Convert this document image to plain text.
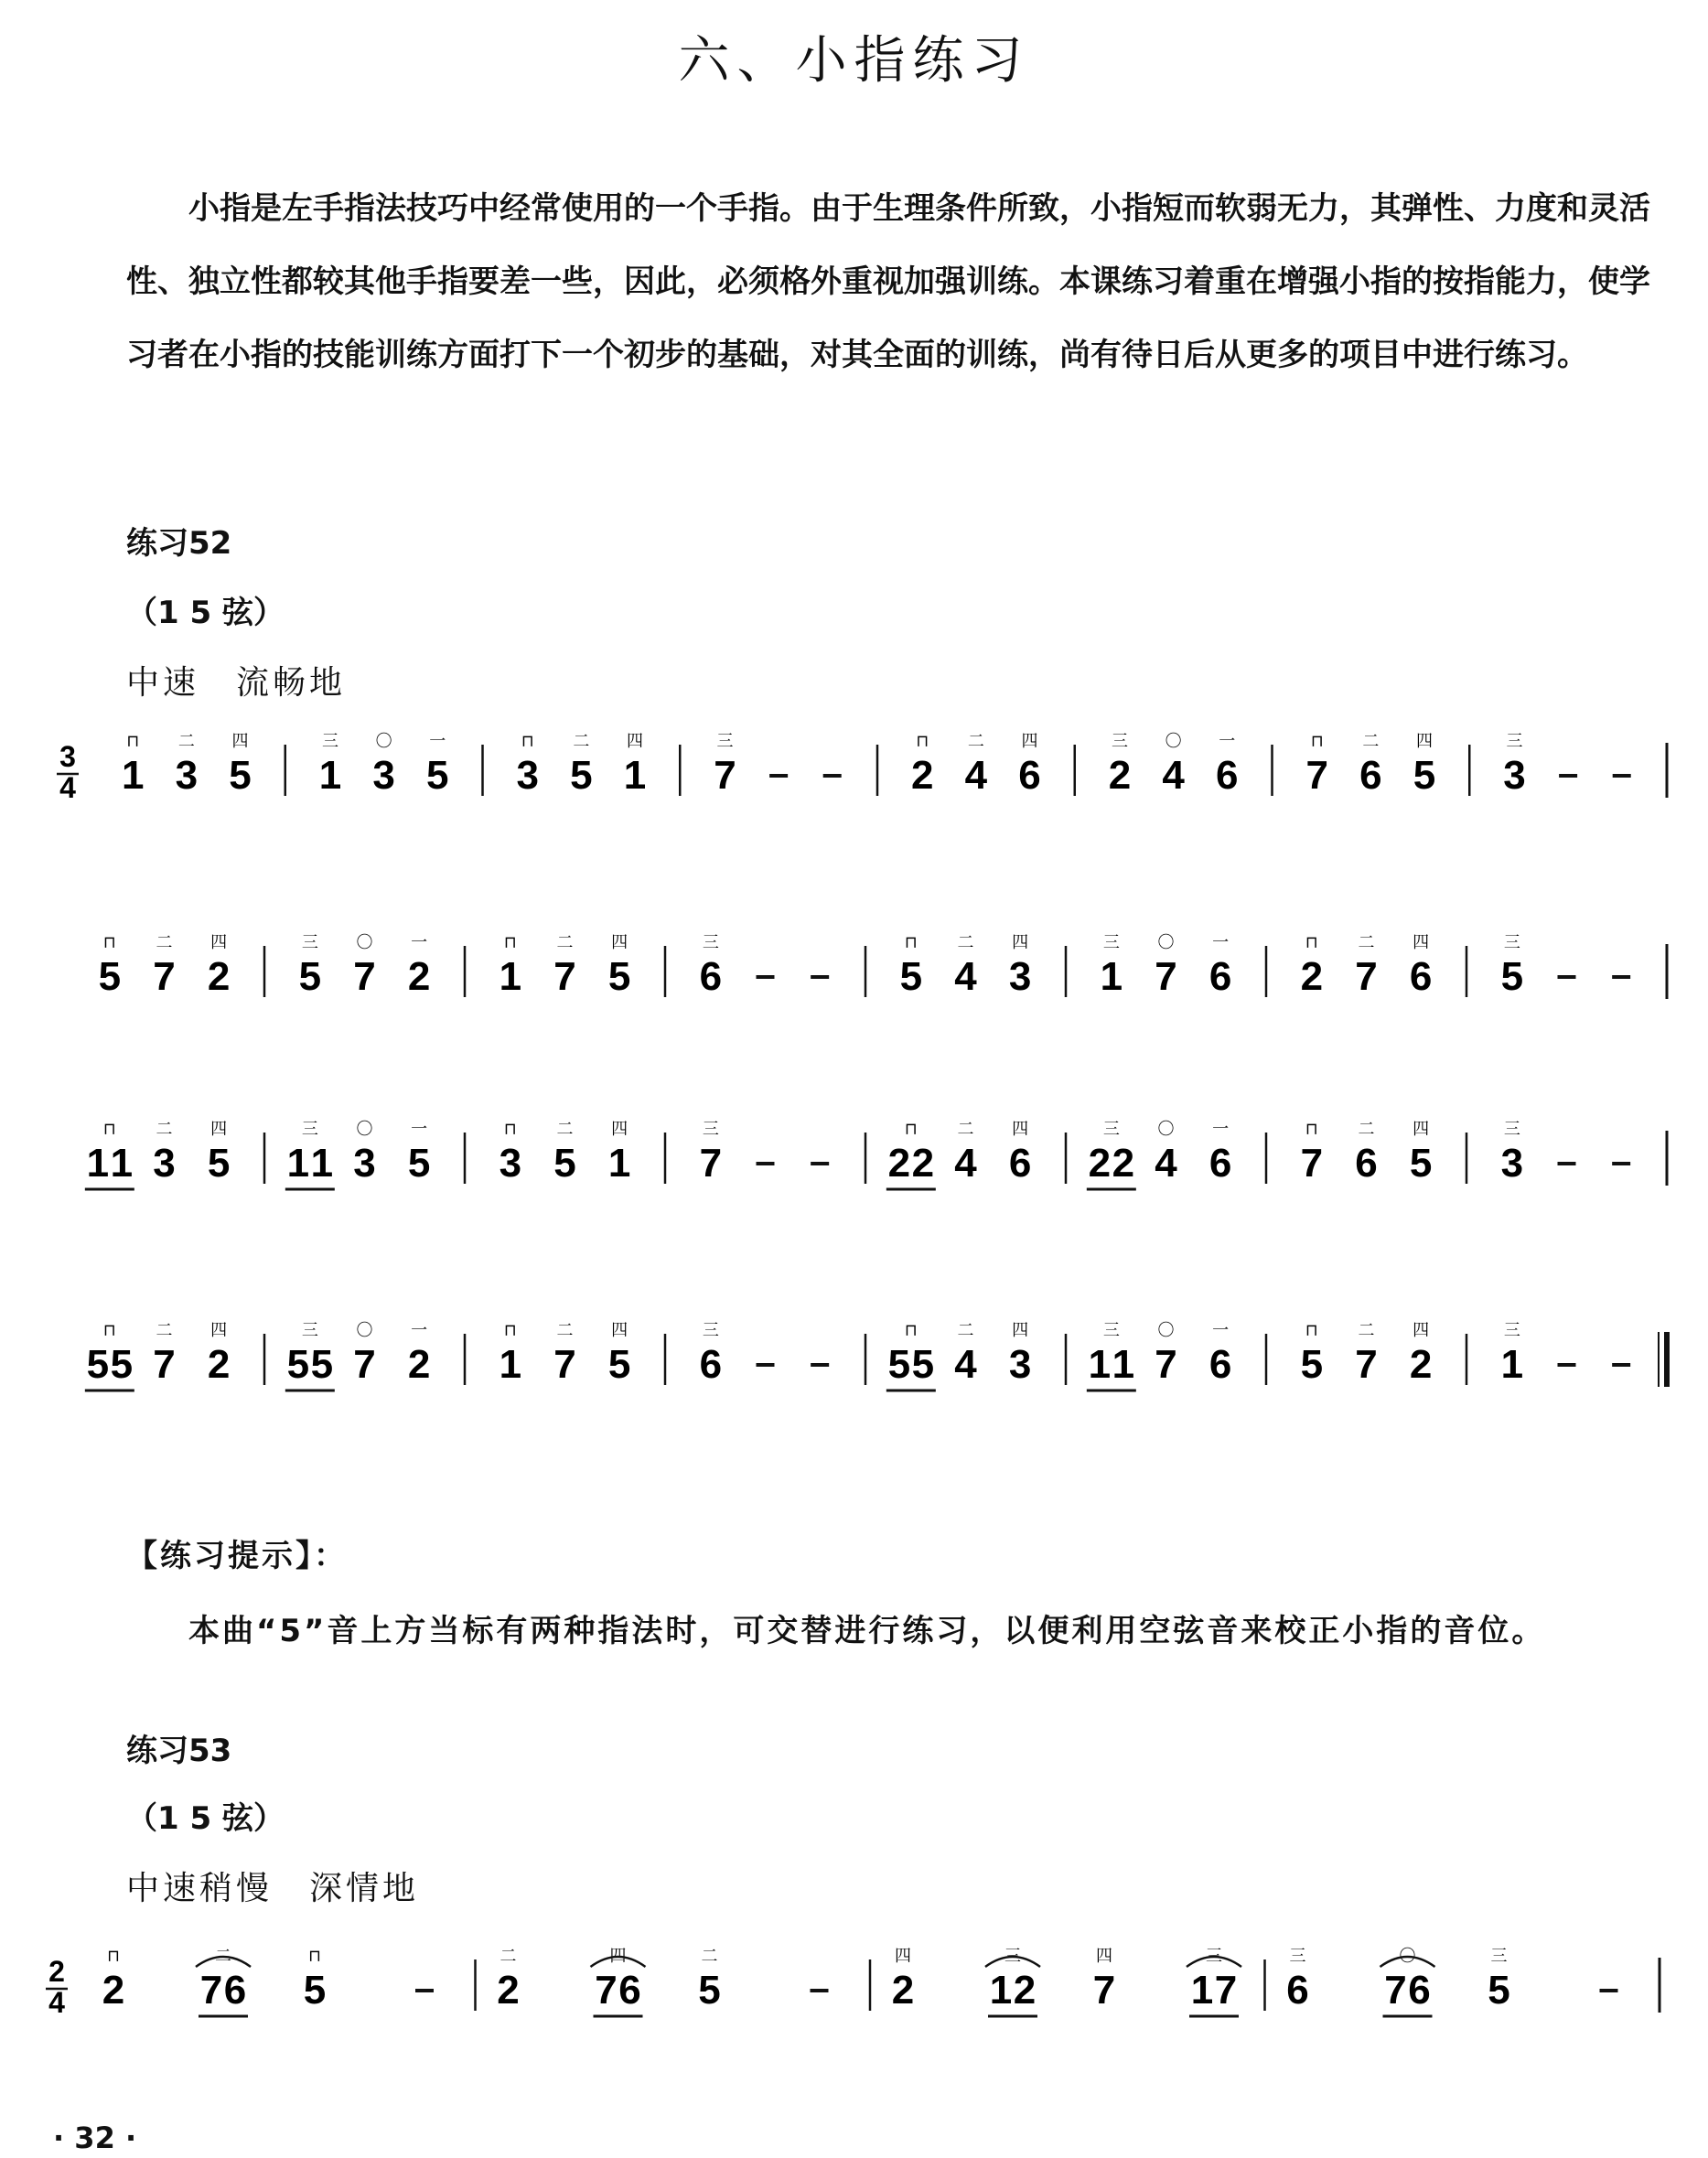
六、小指练习
小指是左手指法技巧中经常使用的一个手指。由于生理条件所致，小指短而软弱无力，其弹性、力度和灵活性、独立性都较其他手指要差一些，因此，必须格外重视加强训练。本课练习着重在增强小指的按指能力，使学习者在小指的技能训练方面打下一个初步的基础，对其全面的训练，尚有待日后从更多的项目中进行练习。
练习52
（1 5 弦）
中速　流畅地
3
4 1
⊓
3
二
5
四
1
三
3
〇
5
一
3
⊓
5
二
1
四
7
三
2
⊓
4
二
6
四
2
三
4
〇
6
一
7
⊓
6
二
5
四
3
三
5
⊓
7
二
2
四
5
三
7
〇
2
一
1
⊓
7
二
5
四
6
三
5
⊓
4
二
3
四
1
三
7
〇
6
一
2
⊓
7
二
6
四
5
三
1 1
⊓
3
二
5
四
1 1
三
3
〇
5
一
3
⊓
5
二
1
四
7
三
2 2
⊓
4
二
6
四
2 2
三
4
〇
6
一
7
⊓
6
二
5
四
3
三
5 5
⊓
7
二
2
四
5 5
三
7
〇
2
一
1
⊓
7
二
5
四
6
三
5 5
⊓
4
二
3
四
1 1
三
7
〇
6
一
5
⊓
7
二
2
四
1
三
2
4 2
⊓
7 6
二
5
⊓
2
二
7 6
四
5
二
2
四
1 2
三
7
四
1 7
三
6
三
7 6
〇
5
三
【练习提示】：
本曲“5”音上方当标有两种指法时，可交替进行练习，以便利用空弦音来校正小指的音位。
练习53
（1 5 弦）
中速稍慢　深情地
· 32 ·
